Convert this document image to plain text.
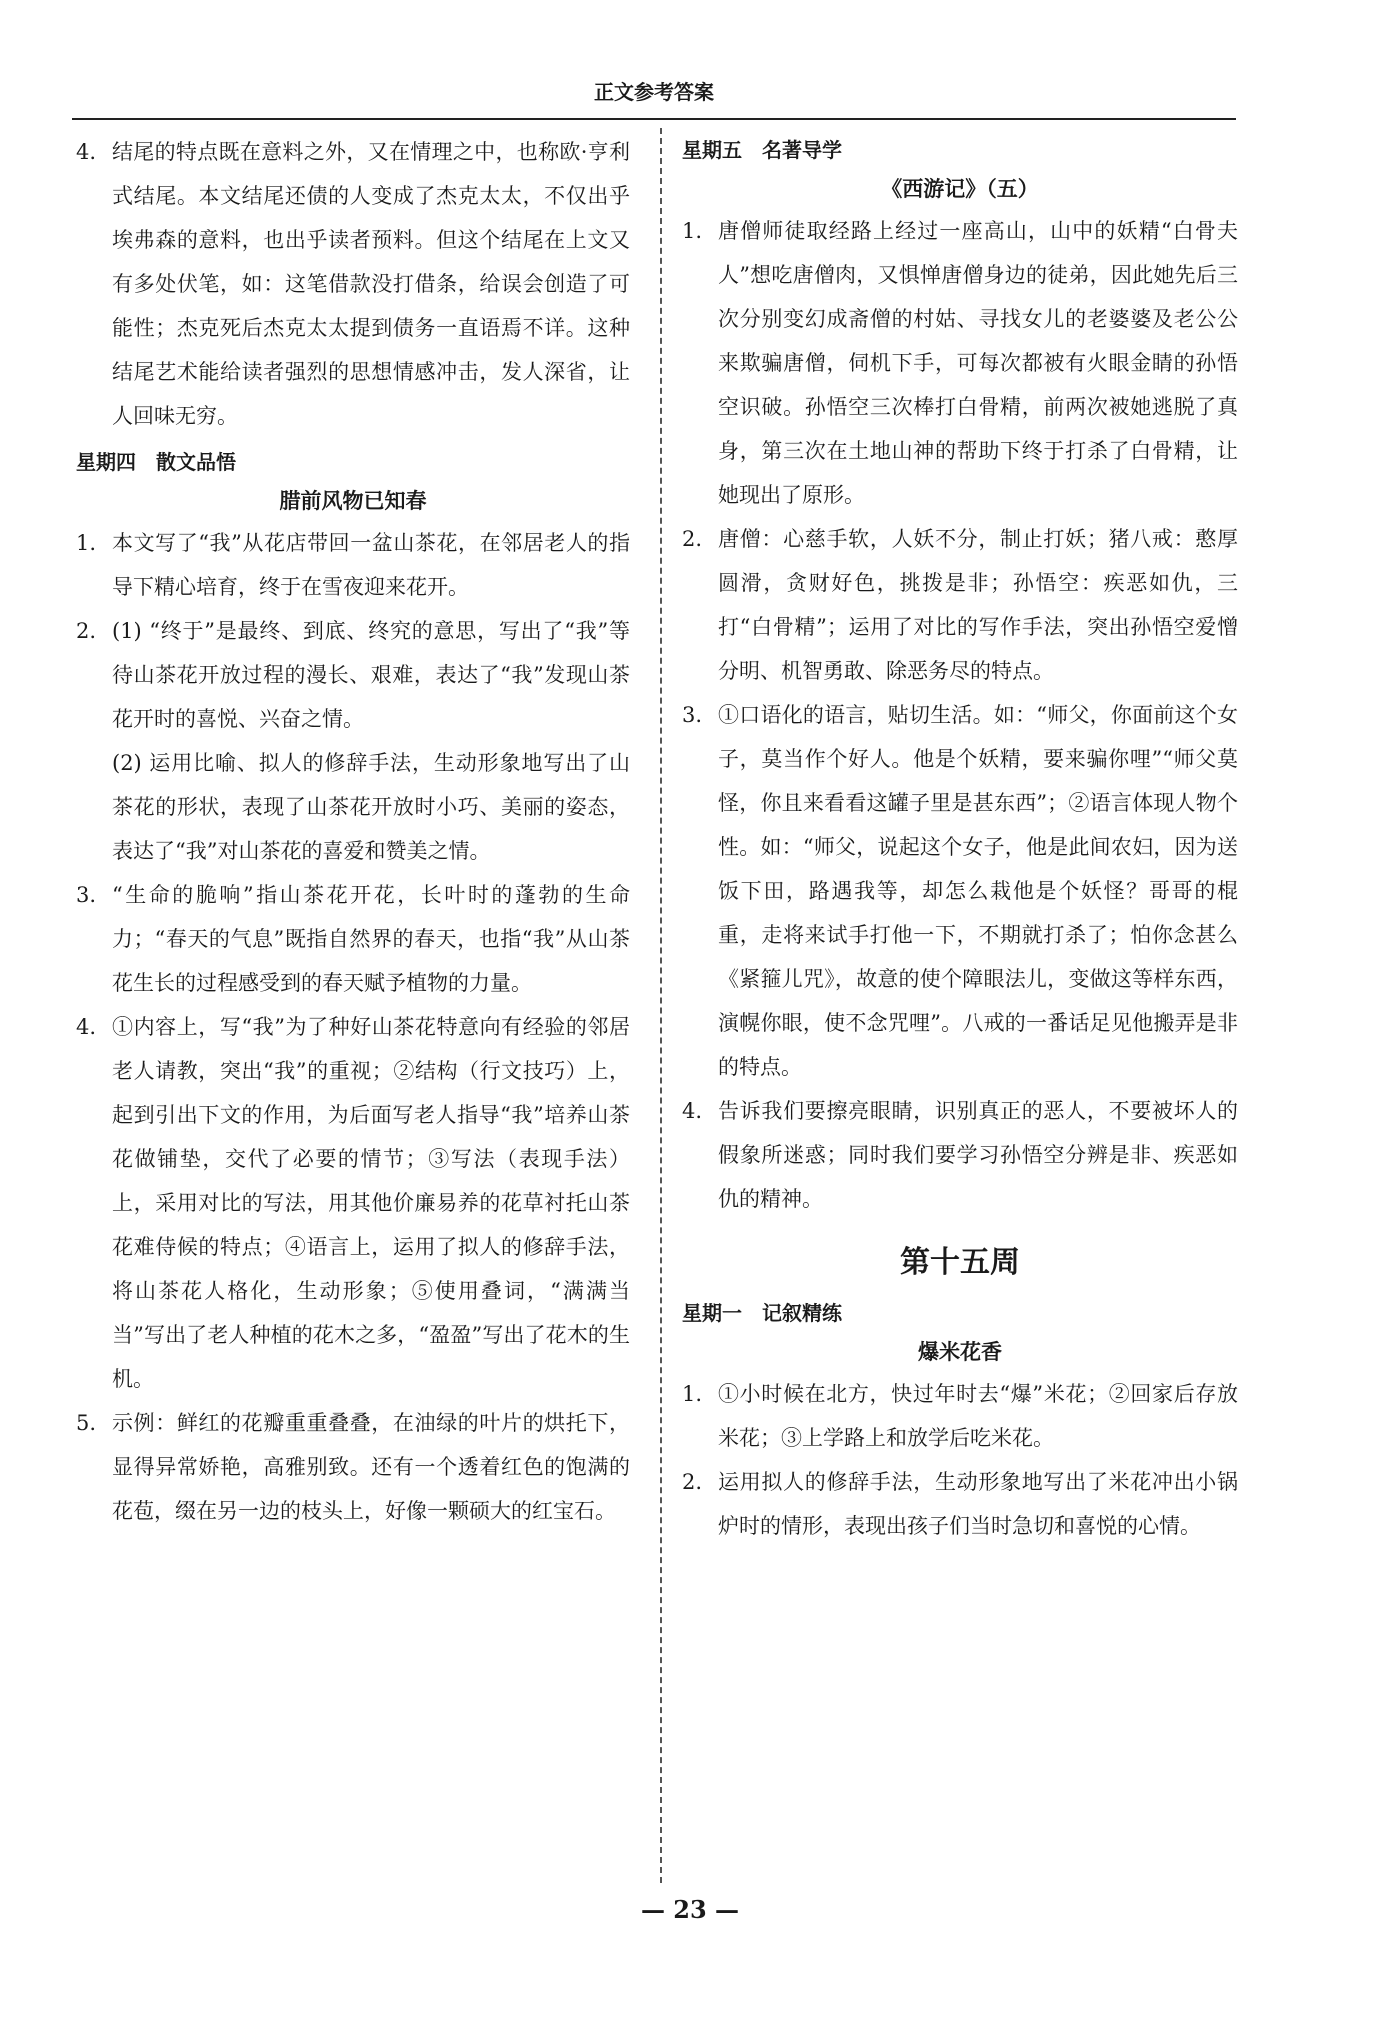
正文参考答案
4. 结尾的特点既在意料之外，又在情理之中，也称欧·亨利式结尾。本文结尾还债的人变成了杰克太太，不仅出乎埃弗森的意料，也出乎读者预料。但这个结尾在上文又有多处伏笔，如：这笔借款没打借条，给误会创造了可能性；杰克死后杰克太太提到债务一直语焉不详。这种结尾艺术能给读者强烈的思想情感冲击，发人深省，让人回味无穷。

星期四　散文品悟
腊前风物已知春
1. 本文写了“我”从花店带回一盆山茶花，在邻居老人的指导下精心培育，终于在雪夜迎来花开。

2. (1) “终于”是最终、到底、终究的意思，写出了“我”等待山茶花开放过程的漫长、艰难，表达了“我”发现山茶花开时的喜悦、兴奋之情。

(2) 运用比喻、拟人的修辞手法，生动形象地写出了山茶花的形状，表现了山茶花开放时小巧、美丽的姿态，表达了“我”对山茶花的喜爱和赞美之情。

3. “生命的脆响”指山茶花开花，长叶时的蓬勃的生命力；“春天的气息”既指自然界的春天，也指“我”从山茶花生长的过程感受到的春天赋予植物的力量。

4. ①内容上，写“我”为了种好山茶花特意向有经验的邻居老人请教，突出“我”的重视；②结构（行文技巧）上，起到引出下文的作用，为后面写老人指导“我”培养山茶花做铺垫，交代了必要的情节；③写法（表现手法）上，采用对比的写法，用其他价廉易养的花草衬托山茶花难侍候的特点；④语言上，运用了拟人的修辞手法，将山茶花人格化，生动形象；⑤使用叠词，“满满当当”写出了老人种植的花木之多，“盈盈”写出了花木的生机。

5. 示例：鲜红的花瓣重重叠叠，在油绿的叶片的烘托下，显得异常娇艳，高雅别致。还有一个透着红色的饱满的花苞，缀在另一边的枝头上，好像一颗硕大的红宝石。

星期五　名著导学
《西游记》（五）
1. 唐僧师徒取经路上经过一座高山，山中的妖精“白骨夫人”想吃唐僧肉，又惧惮唐僧身边的徒弟，因此她先后三次分别变幻成斋僧的村姑、寻找女儿的老婆婆及老公公来欺骗唐僧，伺机下手，可每次都被有火眼金睛的孙悟空识破。孙悟空三次棒打白骨精，前两次被她逃脱了真身，第三次在土地山神的帮助下终于打杀了白骨精，让她现出了原形。

2. 唐僧：心慈手软，人妖不分，制止打妖；猪八戒：憨厚圆滑，贪财好色，挑拨是非；孙悟空：疾恶如仇，三打“白骨精”；运用了对比的写作手法，突出孙悟空爱憎分明、机智勇敢、除恶务尽的特点。

3. ①口语化的语言，贴切生活。如：“师父，你面前这个女子，莫当作个好人。他是个妖精，要来骗你哩”“师父莫怪，你且来看看这罐子里是甚东西”；②语言体现人物个性。如：“师父，说起这个女子，他是此间农妇，因为送饭下田，路遇我等，却怎么栽他是个妖怪？哥哥的棍重，走将来试手打他一下，不期就打杀了；怕你念甚么《紧箍儿咒》，故意的使个障眼法儿，变做这等样东西，演幌你眼，使不念咒哩”。八戒的一番话足见他搬弄是非的特点。

4. 告诉我们要擦亮眼睛，识别真正的恶人，不要被坏人的假象所迷惑；同时我们要学习孙悟空分辨是非、疾恶如仇的精神。

第十五周
星期一　记叙精练
爆米花香
1. ①小时候在北方，快过年时去“爆”米花；②回家后存放米花；③上学路上和放学后吃米花。

2. 运用拟人的修辞手法，生动形象地写出了米花冲出小锅炉时的情形，表现出孩子们当时急切和喜悦的心情。

— 23 —
